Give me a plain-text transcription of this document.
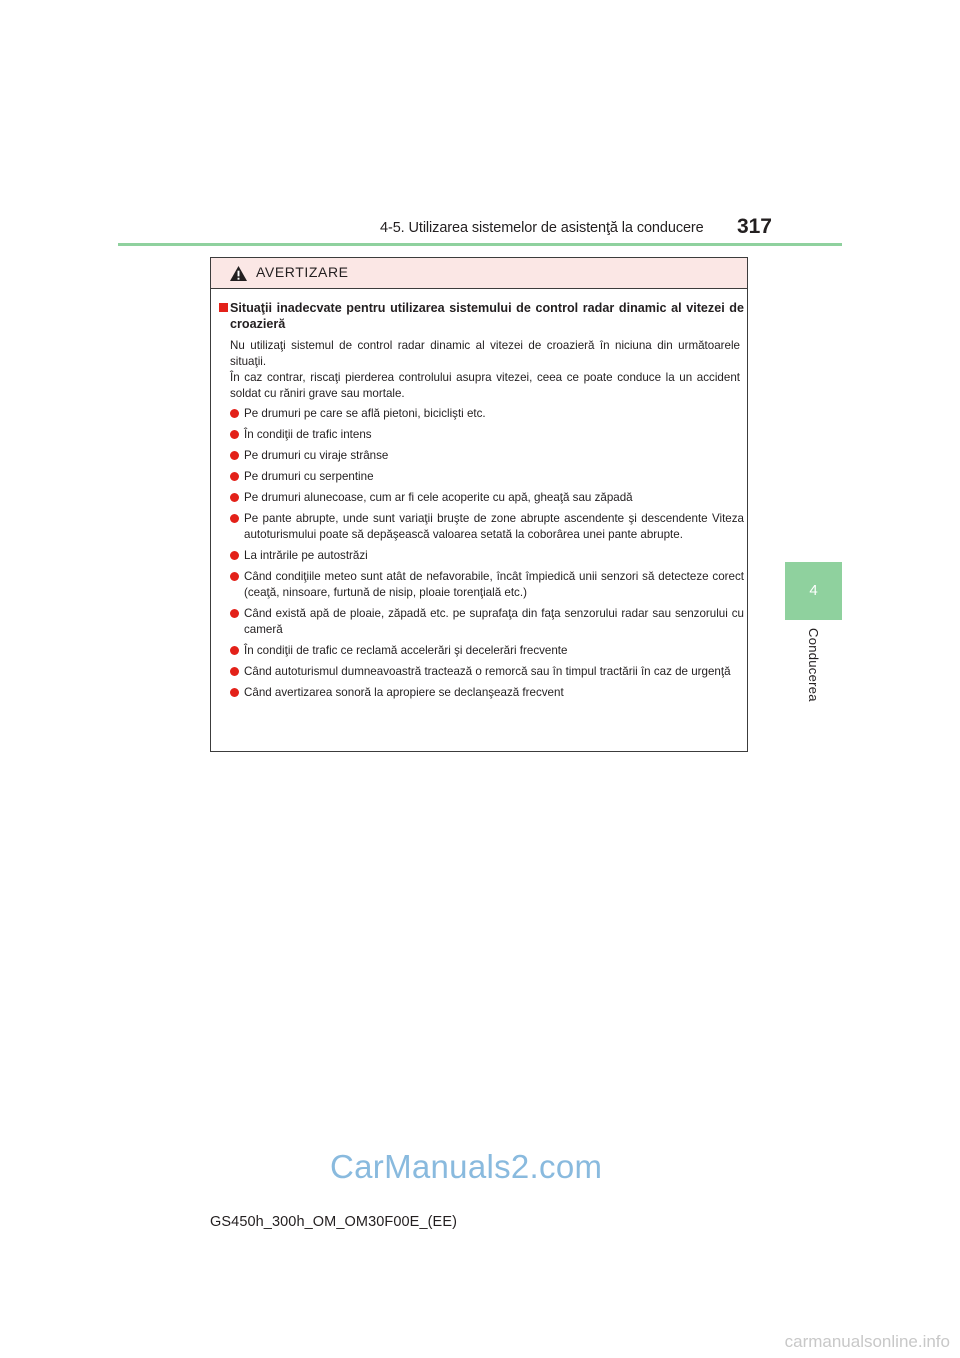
4-5. Utilizarea sistemelor de asistenţă la conducere 317
4
Conducerea
AVERTIZARE
Situaţii inadecvate pentru utilizarea sistemului de control radar dinamic al vitezei de croazieră

Nu utilizaţi sistemul de control radar dinamic al vitezei de croazieră în niciuna din următoarele situaţii.

În caz contrar, riscaţi pierderea controlului asupra vitezei, ceea ce poate conduce la un accident soldat cu răniri grave sau mortale.

Pe drumuri pe care se află pietoni, biciclişti etc.
În condiţii de trafic intens
Pe drumuri cu viraje strânse
Pe drumuri cu serpentine
Pe drumuri alunecoase, cum ar fi cele acoperite cu apă, gheaţă sau zăpadă
Pe pante abrupte, unde sunt variaţii bruşte de zone abrupte ascendente şi descendente Viteza autoturismului poate să depăşească valoarea setată la coborârea unei pante abrupte.
La intrările pe autostrăzi
Când condiţiile meteo sunt atât de nefavorabile, încât împiedică unii senzori să detecteze corect (ceaţă, ninsoare, furtună de nisip, ploaie torenţială etc.)
Când există apă de ploaie, zăpadă etc. pe suprafaţa din faţa senzorului radar sau senzorului cu cameră
În condiţii de trafic ce reclamă accelerări şi decelerări frecvente
Când autoturismul dumneavoastră tractează o remorcă sau în timpul tractării în caz de urgenţă
Când avertizarea sonoră la apropiere se declanşează frecvent
CarManuals2.com
GS450h_300h_OM_OM30F00E_(EE)
carmanualsonline.info
